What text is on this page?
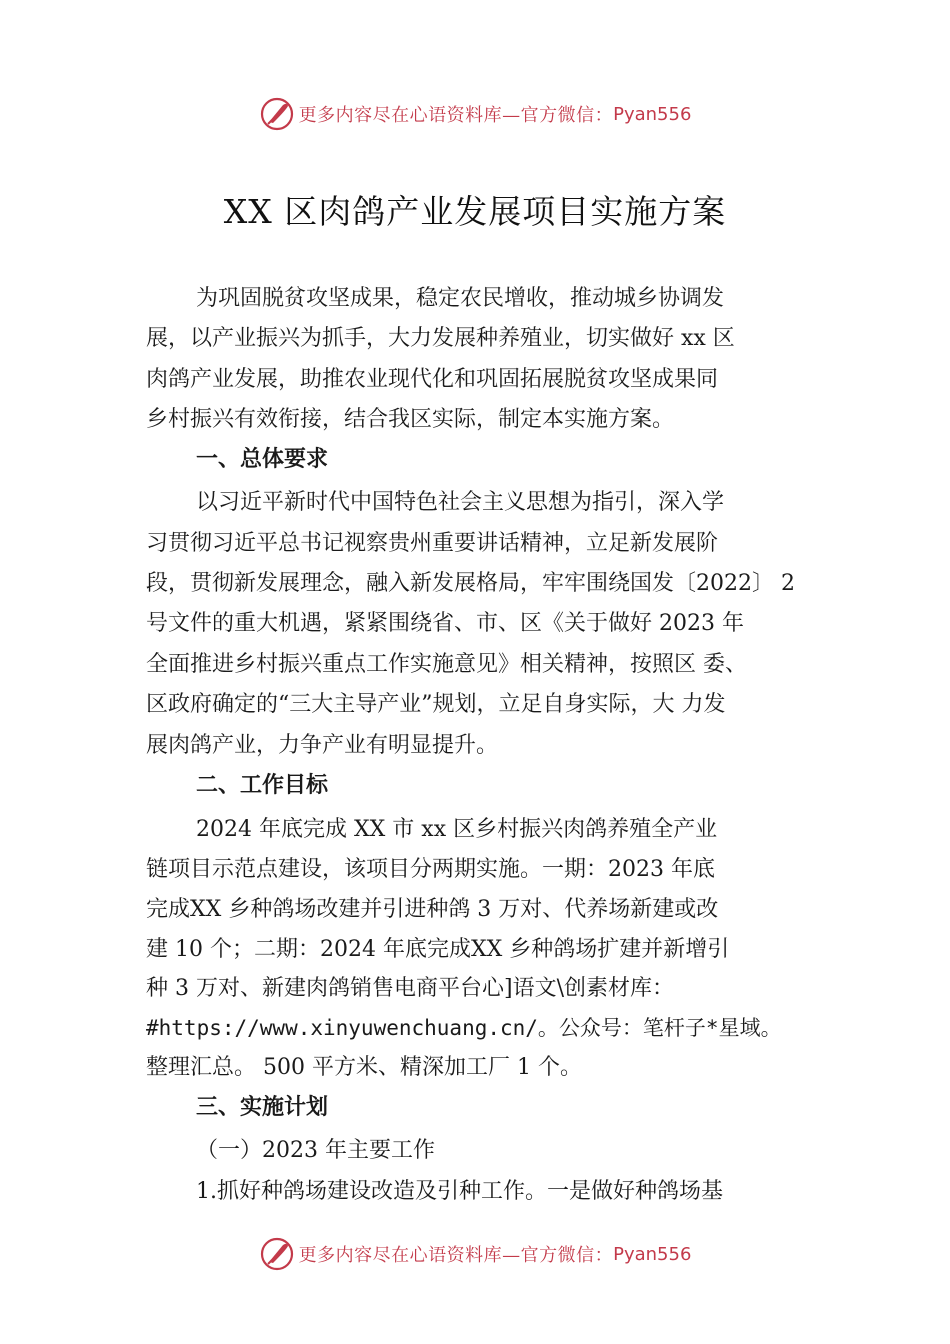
更多内容尽在心语资料库—官方微信： Pyan556
XX 区肉鸽产业发展项目实施方案
为巩固脱贫攻坚成果，稳定农民增收，推动城乡协调发
展，以产业振兴为抓手，大力发展种养殖业，切实做好 xx 区
肉鸽产业发展，助推农业现代化和巩固拓展脱贫攻坚成果同
乡村振兴有效衔接，结合我区实际，制定本实施方案。
一、总体要求
以习近平新时代中国特色社会主义思想为指引，深入学
习贯彻习近平总书记视察贵州重要讲话精神，立足新发展阶
段，贯彻新发展理念，融入新发展格局，牢牢围绕国发〔2022〕 2
号文件的重大机遇，紧紧围绕省、市、区《关于做好 2023 年
全面推进乡村振兴重点工作实施意见》相关精神，按照区 委、
区政府确定的“三大主导产业”规划，立足自身实际，大 力发
展肉鸽产业，力争产业有明显提升。
二、工作目标
2024 年底完成 XX 市 xx 区乡村振兴肉鸽养殖全产业
链项目示范点建设，该项目分两期实施。一期：2023 年底
完成XX 乡种鸽场改建并引进种鸽 3 万对、代养场新建或改
建 10 个；二期：2024 年底完成XX 乡种鸽场扩建并新增引
种 3 万对、新建肉鸽销售电商平台心]语文\创素材库：
#https://www.xinyuwenchuang.cn/。公众号：笔杆子*星域。
整理汇总。 500 平方米、精深加工厂 1 个。
三、实施计划
（一）2023 年主要工作
1.抓好种鸽场建设改造及引种工作。一是做好种鸽场基
更多内容尽在心语资料库—官方微信： Pyan556
